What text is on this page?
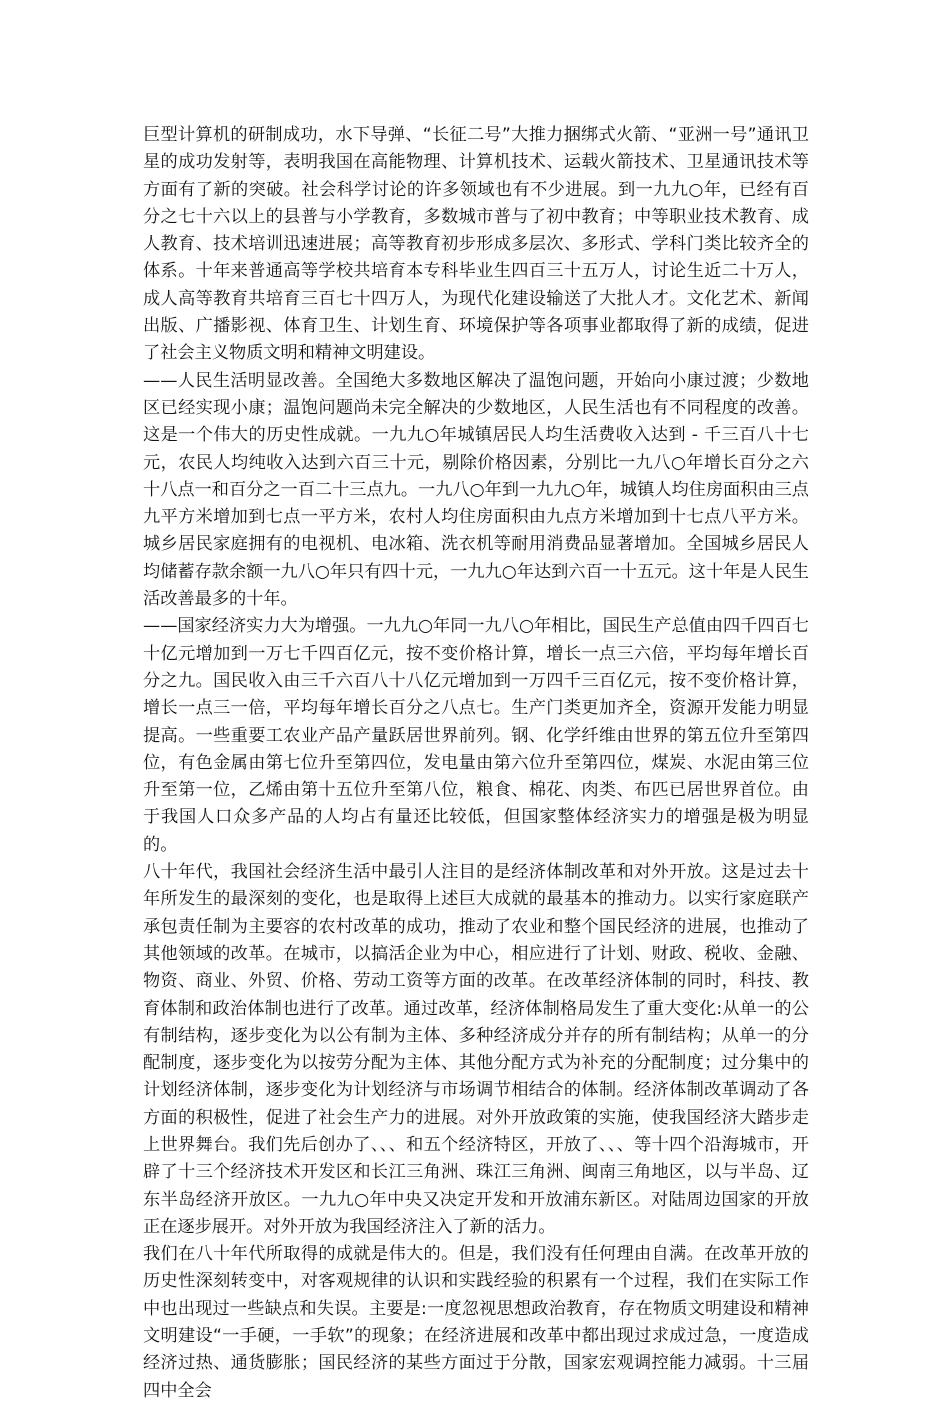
巨型计算机的研制成功，水下导弹、“长征二号”大推力捆绑式火箭、“亚洲一号”通讯卫星的成功发射等，表明我国在高能物理、计算机技术、运载火箭技术、卫星通讯技术等方面有了新的突破。社会科学讨论的许多领域也有不少进展。到一九九○年，已经有百分之七十六以上的县普与小学教育，多数城市普与了初中教育；中等职业技术教育、成人教育、技术培训迅速进展；高等教育初步形成多层次、多形式、学科门类比较齐全的体系。十年来普通高等学校共培育本专科毕业生四百三十五万人，讨论生近二十万人，成人高等教育共培育三百七十四万人，为现代化建设输送了大批人才。文化艺术、新闻出版、广播影视、体育卫生、计划生育、环境保护等各项事业都取得了新的成绩，促进了社会主义物质文明和精神文明建设。

——人民生活明显改善。全国绝大多数地区解决了温饱问题，开始向小康过渡；少数地区已经实现小康；温饱问题尚未完全解决的少数地区，人民生活也有不同程度的改善。这是一个伟大的历史性成就。一九九○年城镇居民人均生活费收入达到 - 千三百八十七元，农民人均纯收入达到六百三十元，剔除价格因素，分别比一九八○年增长百分之六十八点一和百分之一百二十三点九。一九八○年到一九九○年，城镇人均住房面积由三点九平方米增加到七点一平方米，农村人均住房面积由九点方米增加到十七点八平方米。城乡居民家庭拥有的电视机、电冰箱、洗衣机等耐用消费品显著增加。全国城乡居民人均储蓄存款余额一九八○年只有四十元，一九九○年达到六百一十五元。这十年是人民生活改善最多的十年。

——国家经济实力大为增强。一九九○年同一九八○年相比，国民生产总值由四千四百七十亿元增加到一万七千四百亿元，按不变价格计算，增长一点三六倍，平均每年增长百分之九。国民收入由三千六百八十八亿元增加到一万四千三百亿元，按不变价格计算，增长一点三一倍，平均每年增长百分之八点七。生产门类更加齐全，资源开发能力明显提高。一些重要工农业产品产量跃居世界前列。钢、化学纤维由世界的第五位升至第四位，有色金属由第七位升至第四位，发电量由第六位升至第四位，煤炭、水泥由第三位升至第一位，乙烯由第十五位升至第八位，粮食、棉花、肉类、布匹已居世界首位。由于我国人口众多产品的人均占有量还比较低，但国家整体经济实力的增强是极为明显的。

八十年代，我国社会经济生活中最引人注目的是经济体制改革和对外开放。这是过去十年所发生的最深刻的变化，也是取得上述巨大成就的最基本的推动力。以实行家庭联产承包责任制为主要容的农村改革的成功，推动了农业和整个国民经济的进展，也推动了其他领域的改革。在城市，以搞活企业为中心，相应进行了计划、财政、税收、金融、物资、商业、外贸、价格、劳动工资等方面的改革。在改革经济体制的同时，科技、教育体制和政治体制也进行了改革。通过改革，经济体制格局发生了重大变化:从单一的公有制结构，逐步变化为以公有制为主体、多种经济成分并存的所有制结构；从单一的分配制度，逐步变化为以按劳分配为主体、其他分配方式为补充的分配制度；过分集中的计划经济体制，逐步变化为计划经济与市场调节相结合的体制。经济体制改革调动了各方面的积极性，促进了社会生产力的进展。对外开放政策的实施，使我国经济大踏步走上世界舞台。我们先后创办了、、、和五个经济特区，开放了、、、等十四个沿海城市，开辟了十三个经济技术开发区和长江三角洲、珠江三角洲、闽南三角地区，以与半岛、辽东半岛经济开放区。一九九○年中央又决定开发和开放浦东新区。对陆周边国家的开放正在逐步展开。对外开放为我国经济注入了新的活力。

我们在八十年代所取得的成就是伟大的。但是，我们没有任何理由自满。在改革开放的历史性深刻转变中，对客观规律的认识和实践经验的积累有一个过程，我们在实际工作中也出现过一些缺点和失误。主要是:一度忽视思想政治教育，存在物质文明建设和精神文明建设“一手硬，一手软”的现象；在经济进展和改革中都出现过求成过急，一度造成经济过热、通货膨胀；国民经济的某些方面过于分散，国家宏观调控能力减弱。十三届四中全会
